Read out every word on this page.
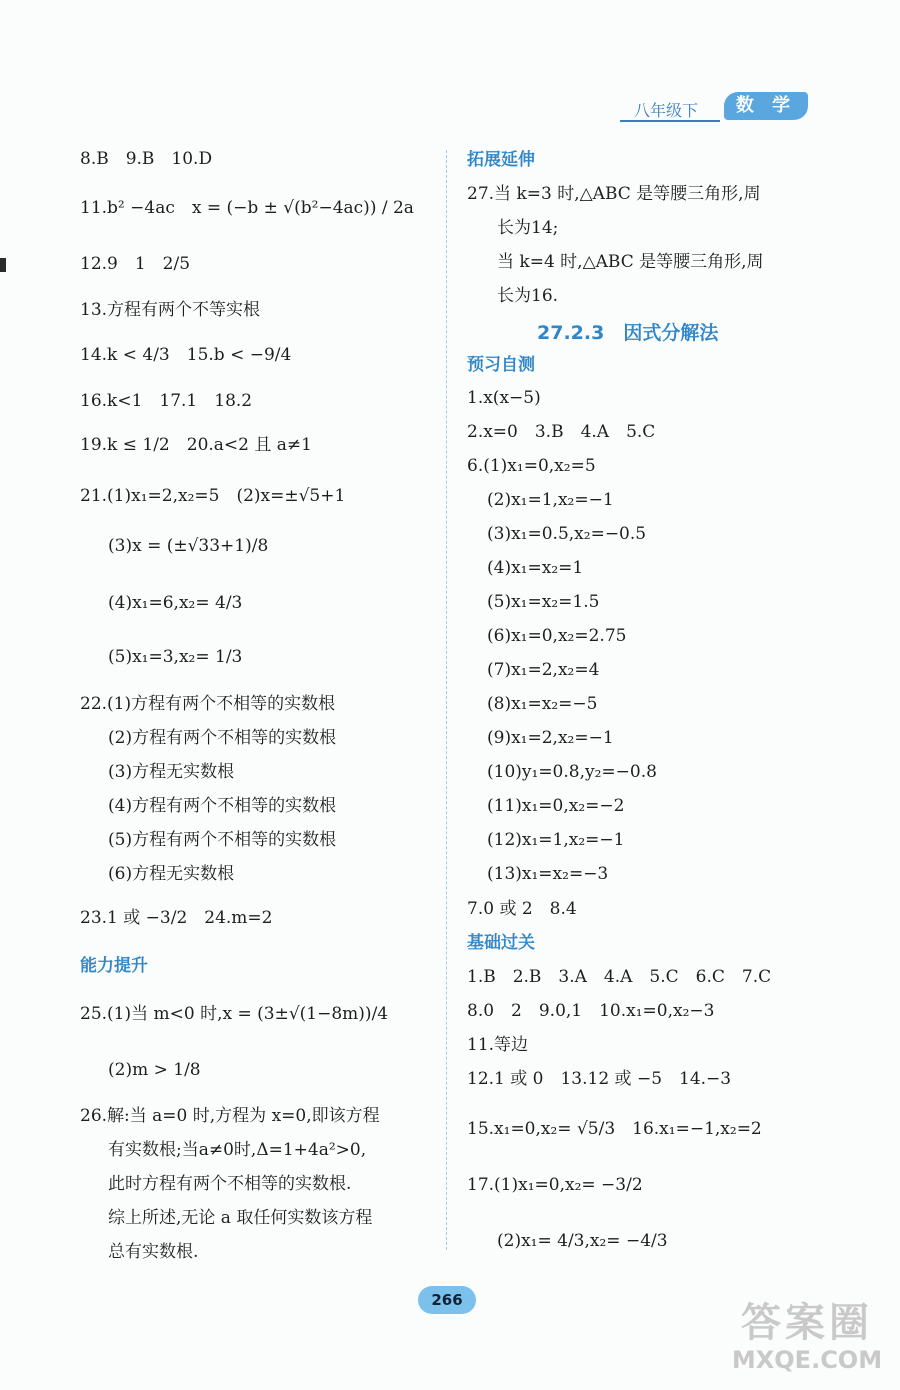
八年级下	数 学
8.B　9.B　10.D
11.b² −4ac　x = (−b ± √(b²−4ac)) / 2a
12.9　1　2/5
13.方程有两个不等实根
14.k < 4/3　15.b < −9/4
16.k<1　17.1　18.2
19.k ≤ 1/2　20.a<2 且 a≠1
21.(1)x₁=2,x₂=5　(2)x=±√5+1
(3)x = (±√33+1)/8
(4)x₁=6,x₂= 4/3
(5)x₁=3,x₂= 1/3
22.(1)方程有两个不相等的实数根
(2)方程有两个不相等的实数根
(3)方程无实数根
(4)方程有两个不相等的实数根
(5)方程有两个不相等的实数根
(6)方程无实数根
23.1 或 −3/2　24.m=2
能力提升
25.(1)当 m<0 时,x = (3±√(1−8m))/4
(2)m > 1/8
26.解:当 a=0 时,方程为 x=0,即该方程
有实数根;当a≠0时,Δ=1+4a²>0,
此时方程有两个不相等的实数根.
综上所述,无论 a 取任何实数该方程
总有实数根.
拓展延伸
27.当 k=3 时,△ABC 是等腰三角形,周
长为14;
当 k=4 时,△ABC 是等腰三角形,周
长为16.
27.2.3　因式分解法
预习自测
1.x(x−5)
2.x=0　3.B　4.A　5.C
6.(1)x₁=0,x₂=5
(2)x₁=1,x₂=−1
(3)x₁=0.5,x₂=−0.5
(4)x₁=x₂=1
(5)x₁=x₂=1.5
(6)x₁=0,x₂=2.75
(7)x₁=2,x₂=4
(8)x₁=x₂=−5
(9)x₁=2,x₂=−1
(10)y₁=0.8,y₂=−0.8
(11)x₁=0,x₂=−2
(12)x₁=1,x₂=−1
(13)x₁=x₂=−3
7.0 或 2　8.4
基础过关
1.B　2.B　3.A　4.A　5.C　6.C　7.C
8.0　2　9.0,1　10.x₁=0,x₂−3
11.等边
12.1 或 0　13.12 或 −5　14.−3
15.x₁=0,x₂= √5/3　16.x₁=−1,x₂=2
17.(1)x₁=0,x₂= −3/2
(2)x₁= 4/3,x₂= −4/3
266	答案圈
MXQE.COM
